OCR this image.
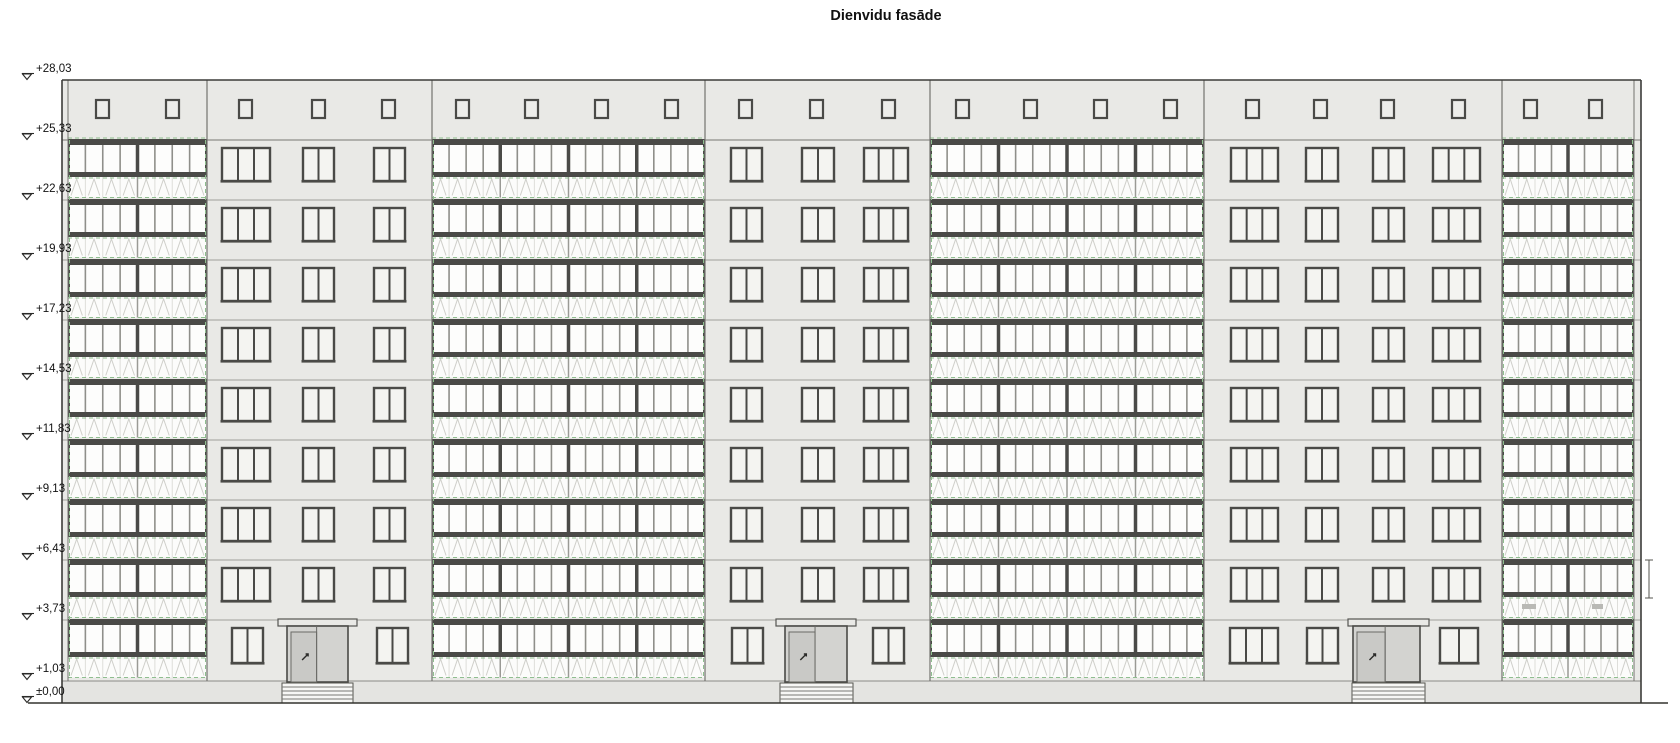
Dienvidu fasāde
+28,03
+25,33
+22,63
+19,93
+17,23
+14,53
+11,83
+9,13
+6,43
+3,73
+1,03
±0,00
